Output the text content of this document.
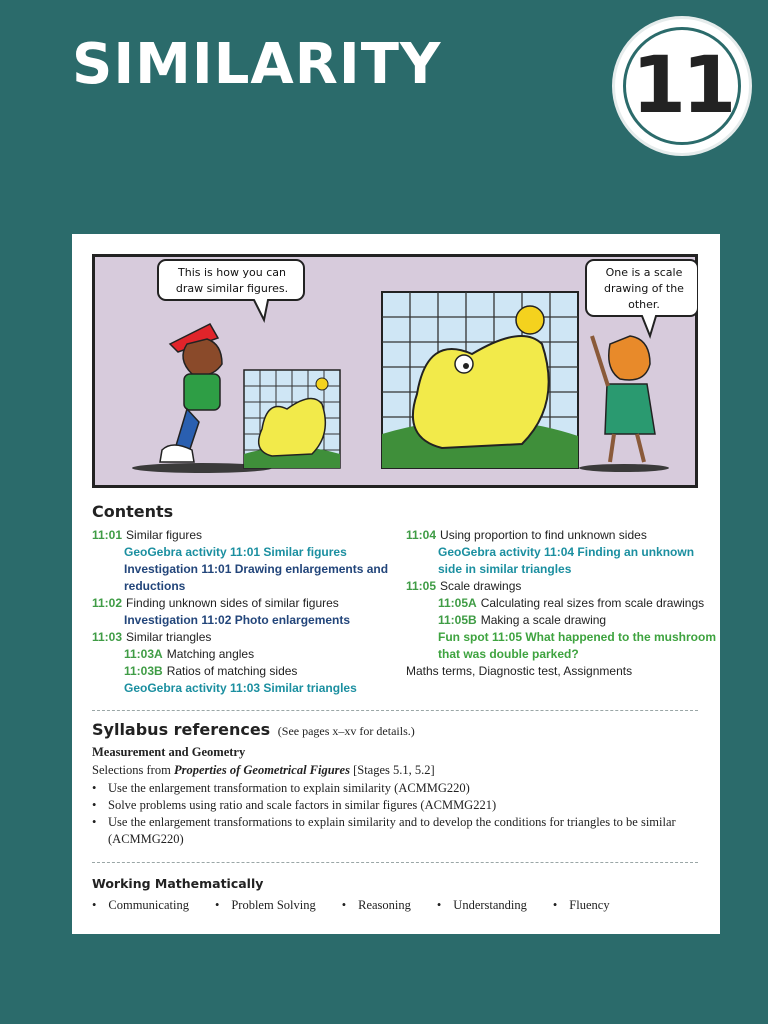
SIMILARITY 11
This is how you can
draw similar figures.
One is a scale
drawing of the
other.
Contents
11:01 Similar figures
GeoGebra activity 11:01 Similar figures
Investigation 11:01 Drawing enlargements and
reductions
11:02 Finding unknown sides of similar figures
Investigation 11:02 Photo enlargements
11:03 Similar triangles
11:03A Matching angles
11:03B Ratios of matching sides
GeoGebra activity 11:03 Similar triangles
11:04 Using proportion to find unknown sides
GeoGebra activity 11:04 Finding an unknown
side in similar triangles
11:05 Scale drawings
11:05A Calculating real sizes from scale drawings
11:05B Making a scale drawing
Fun spot 11:05 What happened to the mushroom
that was double parked?
Maths terms, Diagnostic test, Assignments
Syllabus references (See pages x–xv for details.)
Measurement and Geometry
Selections from Properties of Geometrical Figures [Stages 5.1, 5.2]
• Use the enlargement transformation to explain similarity (ACMMG220)
• Solve problems using ratio and scale factors in similar figures (ACMMG221)
• Use the enlargement transformations to explain similarity and to develop the conditions for triangles to be similar (ACMMG220)
Working Mathematically
• Communicating	• Problem Solving	• Reasoning	• Understanding	• Fluency
